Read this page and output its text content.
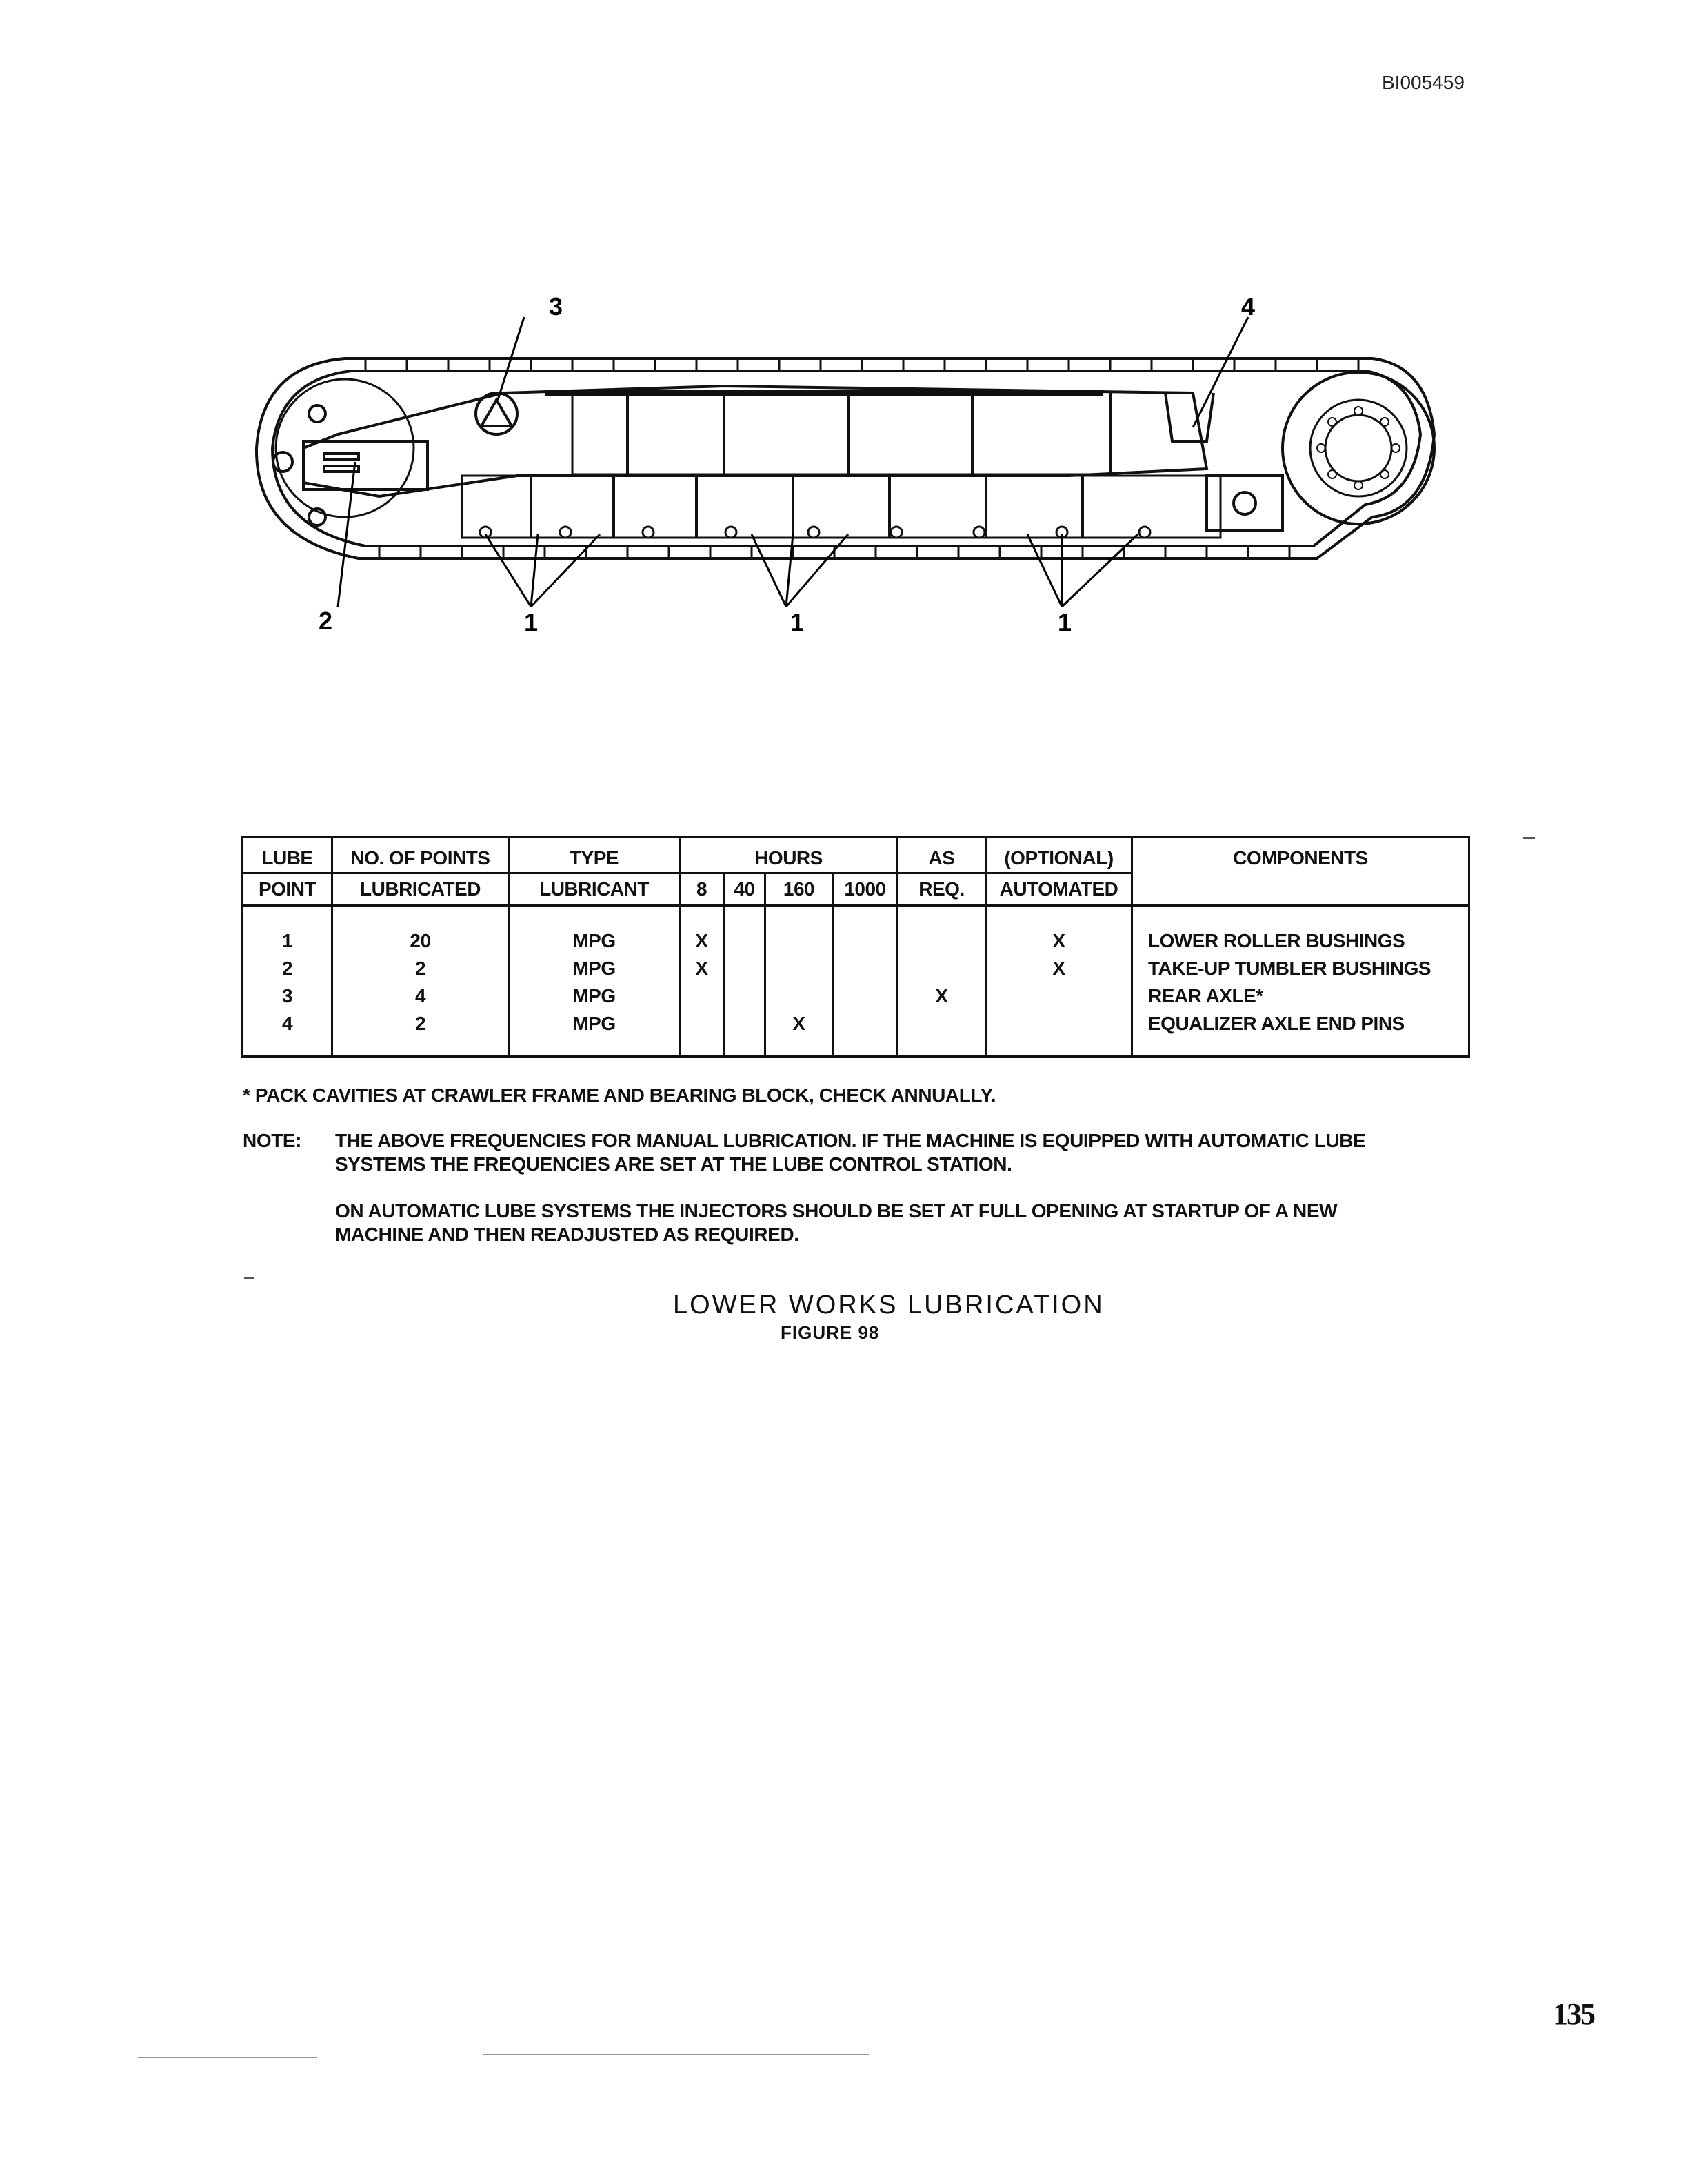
BI005459
3	4
2	1	1	1
LUBE	NO. OF POINTS	TYPE	HOURS				AS	(OPTIONAL)	COMPONENTS
POINT	LUBRICATED	LUBRICANT	8	40	160	1000	REQ.	AUTOMATED	
1	20	MPG	X					X	LOWER ROLLER BUSHINGS
2	2	MPG	X					X	TAKE-UP TUMBLER BUSHINGS
3	4	MPG					X		REAR AXLE*
4	2	MPG			X				EQUALIZER AXLE END PINS
* PACK CAVITIES AT CRAWLER FRAME AND BEARING BLOCK, CHECK ANNUALLY.
NOTE: THE ABOVE FREQUENCIES FOR MANUAL LUBRICATION. IF THE MACHINE IS EQUIPPED WITH AUTOMATIC LUBE
SYSTEMS THE FREQUENCIES ARE SET AT THE LUBE CONTROL STATION.
ON AUTOMATIC LUBE SYSTEMS THE INJECTORS SHOULD BE SET AT FULL OPENING AT STARTUP OF A NEW
MACHINE AND THEN READJUSTED AS REQUIRED.
LOWER WORKS LUBRICATION
FIGURE 98
135
